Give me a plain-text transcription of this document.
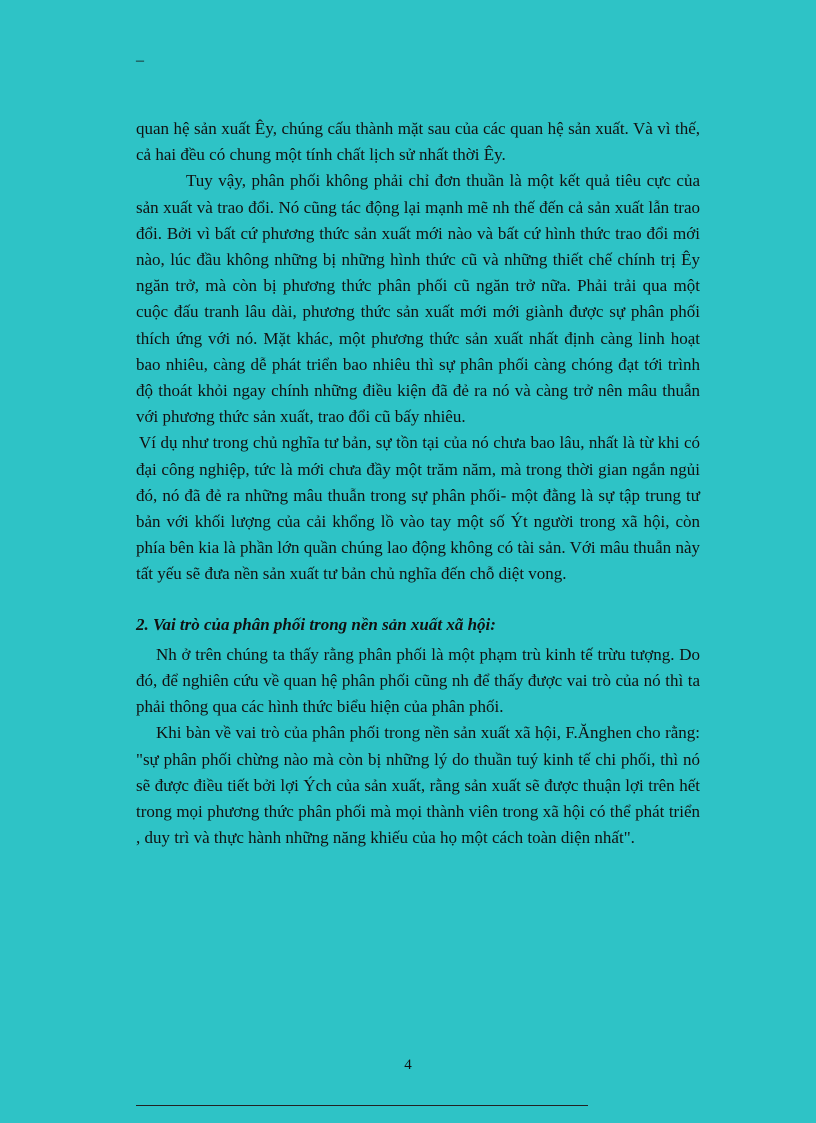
–

quan hệ sản xuất Êy, chúng cấu thành mặt sau của các quan hệ sản xuất. Và vì thế, cả hai đều có chung một tính chất lịch sử nhất thời Êy.

Tuy vậy, phân phối không phải chỉ đơn thuần là một kết quả tiêu cực của sản xuất và trao đổi. Nó cũng tác động lại mạnh mẽ nh thế đến cả sản xuất lẫn trao đổi. Bởi vì bất cứ phương thức sản xuất mới nào và bất cứ hình thức trao đổi mới nào, lúc đầu không những bị những hình thức cũ và những thiết chế chính trị Êy ngăn trở, mà còn bị phương thức phân phối cũ ngăn trở nữa. Phải trải qua một cuộc đấu tranh lâu dài, phương thức sản xuất mới mới giành được sự phân phối thích ứng với nó. Mặt khác, một phương thức sản xuất nhất định càng linh hoạt bao nhiêu, càng dễ phát triển bao nhiêu thì sự phân phối càng chóng đạt tới trình độ thoát khỏi ngay chính những điều kiện đã đẻ ra nó và càng trở nên mâu thuẫn với phương thức sản xuất, trao đổi cũ bấy nhiêu.

Ví dụ như trong chủ nghĩa tư bản, sự tồn tại của nó chưa bao lâu, nhất là từ khi có đại công nghiệp, tức là mới chưa đầy một trăm năm, mà trong thời gian ngắn ngủi đó, nó đã đẻ ra những mâu thuẫn trong sự phân phối- một đằng là sự tập trung tư bản với khối lượng của cải khổng lồ vào tay một số Ýt người trong xã hội, còn phía bên kia là phần lớn quần chúng lao động không có tài sản. Với mâu thuẫn này tất yếu sẽ đưa nền sản xuất tư bản chủ nghĩa đến chỗ diệt vong.

2. Vai trò của phân phối trong nền sản xuất xã hội:

Nh ở trên chúng ta thấy rằng phân phối là một phạm trù kinh tế trừu tượng. Do đó, để nghiên cứu về quan hệ phân phối cũng nh để thấy được vai trò của nó thì ta phải thông qua các hình thức biểu hiện của phân phối.

Khi bàn về vai trò của phân phối trong nền sản xuất xã hội, F.Ănghen cho rằng: "sự phân phối chừng nào mà còn bị những lý do thuần tuý kinh tế chi phối, thì nó sẽ được điều tiết bởi lợi Ých của sản xuất, rằng sản xuất sẽ được thuận lợi trên hết trong mọi phương thức phân phối mà mọi thành viên trong xã hội có thể phát triển , duy trì và thực hành những năng khiếu của họ một cách toàn diện nhất".

4
